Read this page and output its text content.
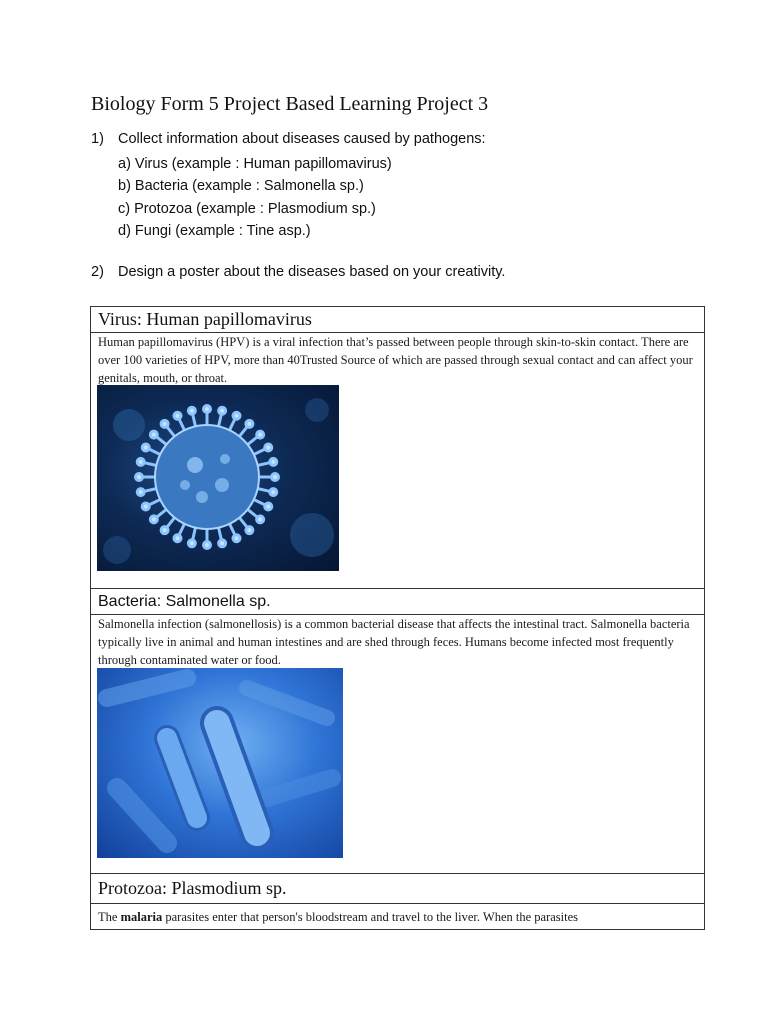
Biology Form 5 Project Based Learning Project 3
1) Collect information about diseases caused by pathogens:
a) Virus (example : Human papillomavirus)
b) Bacteria (example : Salmonella sp.)
c) Protozoa (example : Plasmodium sp.)
d) Fungi (example : Tine asp.)
2) Design a poster about the diseases based on your creativity.
Virus: Human papillomavirus
Human papillomavirus (HPV) is a viral infection that’s passed between people through skin-to-skin contact. There are over 100 varieties of HPV, more than 40Trusted Source of which are passed through sexual contact and can affect your genitals, mouth, or throat.
Bacteria: Salmonella sp.
Salmonella infection (salmonellosis) is a common bacterial disease that affects the intestinal tract. Salmonella bacteria typically live in animal and human intestines and are shed through feces. Humans become infected most frequently through contaminated water or food.
Protozoa: Plasmodium sp.
The malaria parasites enter that person's bloodstream and travel to the liver. When the parasites
